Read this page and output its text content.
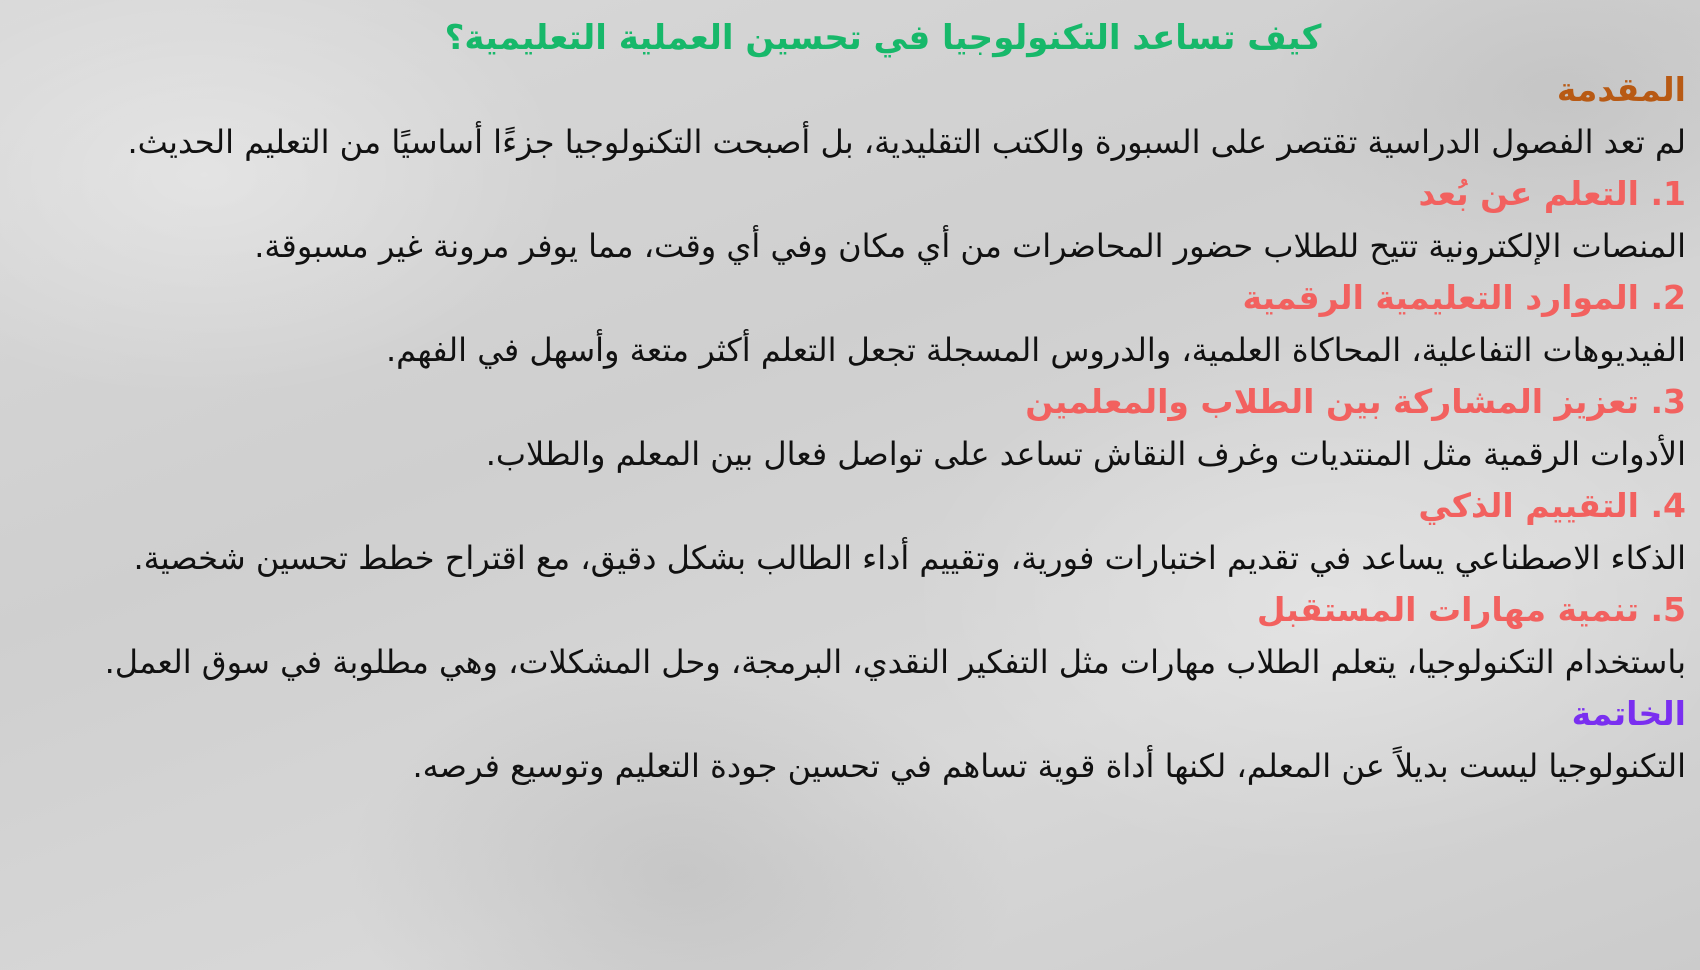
كيف تساعد التكنولوجيا في تحسين العملية التعليمية؟
المقدمة

لم تعد الفصول الدراسية تقتصر على السبورة والكتب التقليدية، بل أصبحت التكنولوجيا جزءًا أساسيًا من التعليم الحديث.

1. التعلم عن بُعد

المنصات الإلكترونية تتيح للطلاب حضور المحاضرات من أي مكان وفي أي وقت، مما يوفر مرونة غير مسبوقة.

2. الموارد التعليمية الرقمية

الفيديوهات التفاعلية، المحاكاة العلمية، والدروس المسجلة تجعل التعلم أكثر متعة وأسهل في الفهم.

3. تعزيز المشاركة بين الطلاب والمعلمين

الأدوات الرقمية مثل المنتديات وغرف النقاش تساعد على تواصل فعال بين المعلم والطلاب.

4. التقييم الذكي

الذكاء الاصطناعي يساعد في تقديم اختبارات فورية، وتقييم أداء الطالب بشكل دقيق، مع اقتراح خطط تحسين شخصية.

5. تنمية مهارات المستقبل

باستخدام التكنولوجيا، يتعلم الطلاب مهارات مثل التفكير النقدي، البرمجة، وحل المشكلات، وهي مطلوبة في سوق العمل.

الخاتمة

التكنولوجيا ليست بديلاً عن المعلم، لكنها أداة قوية تساهم في تحسين جودة التعليم وتوسيع فرصه.
